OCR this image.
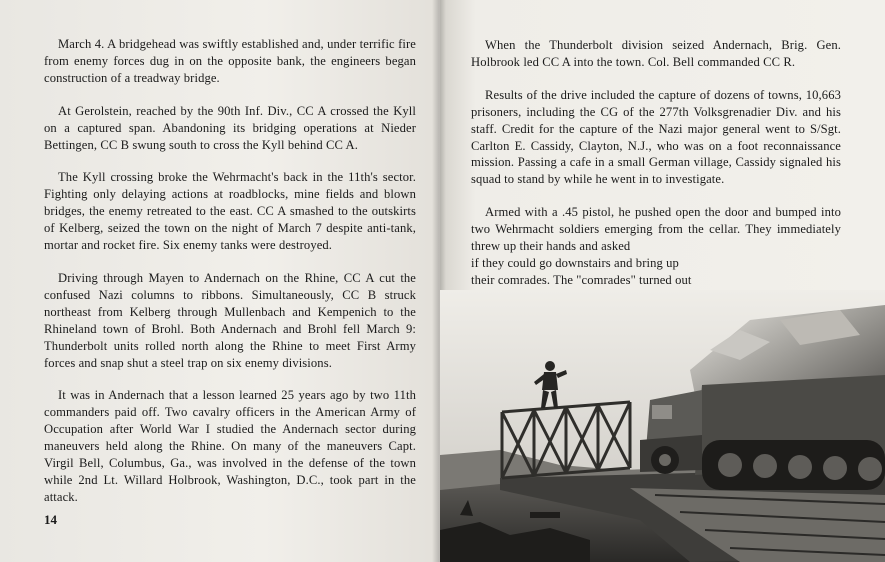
March 4. A bridgehead was swiftly established and, under terrific fire from enemy forces dug in on the opposite bank, the engineers began construction of a treadway bridge.

At Gerolstein, reached by the 90th Inf. Div., CC A crossed the Kyll on a captured span. Abandoning its bridging operations at Nieder Bettingen, CC B swung south to cross the Kyll behind CC A.

The Kyll crossing broke the Wehrmacht's back in the 11th's sector. Fighting only delaying actions at roadblocks, mine fields and blown bridges, the enemy retreated to the east. CC A smashed to the outskirts of Kelberg, seized the town on the night of March 7 despite anti-tank, mortar and rocket fire. Six enemy tanks were destroyed.

Driving through Mayen to Andernach on the Rhine, CC A cut the confused Nazi columns to ribbons. Simultaneously, CC B struck northeast from Kelberg through Mullenbach and Kempenich to the Rhineland town of Brohl. Both Andernach and Brohl fell March 9: Thunderbolt units rolled north along the Rhine to meet First Army forces and snap shut a steel trap on six enemy divisions.

It was in Andernach that a lesson learned 25 years ago by two 11th commanders paid off. Two cavalry officers in the American Army of Occupation after World War I studied the Andernach sector during maneuvers held along the Rhine. On many of the maneuvers Capt. Virgil Bell, Columbus, Ga., was involved in the defense of the town while 2nd Lt. Willard Holbrook, Washington, D.C., took part in the attack.

14

When the Thunderbolt division seized Andernach, Brig. Gen. Holbrook led CC A into the town. Col. Bell commanded CC R.

Results of the drive included the capture of dozens of towns, 10,663 prisoners, including the CG of the 277th Volksgrenadier Div. and his staff. Credit for the capture of the Nazi major general went to S/Sgt. Carlton E. Cassidy, Clayton, N.J., who was on a foot reconnaissance mission. Passing a cafe in a small German village, Cassidy signaled his squad to stand by while he went in to investigate.

Armed with a .45 pistol, he pushed open the door and bumped into two Wehrmacht soldiers emerging from the cellar. They immediately threw up their hands and asked
if they could go downstairs and bring up
their comrades. The "comrades" turned out
